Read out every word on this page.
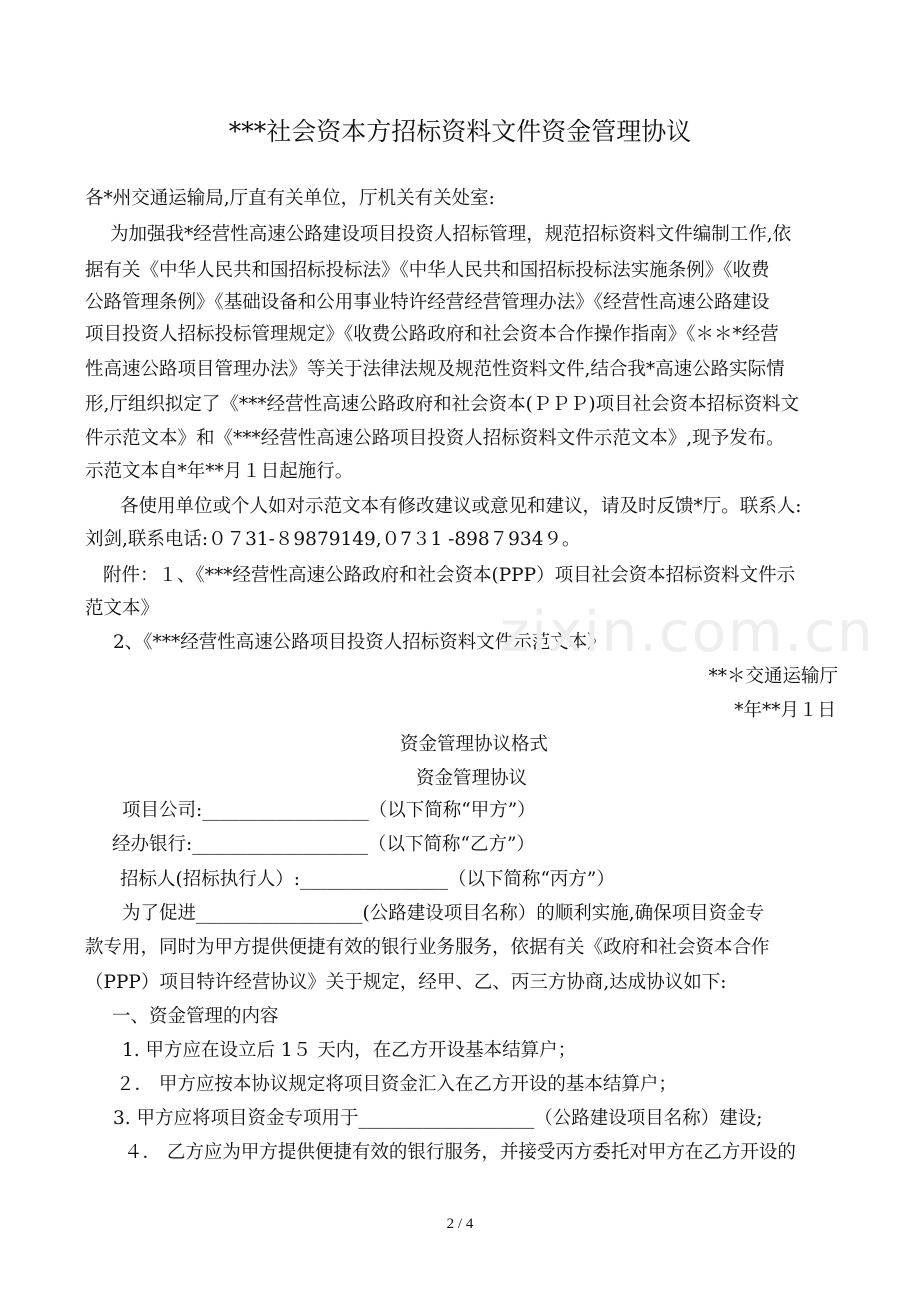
***社会资本方招标资料文件资金管理协议
各*州交通运输局,厅直有关单位，厅机关有关处室:
为加强我*经营性高速公路建设项目投资人招标管理，规范招标资料文件编制工作,依
据有关《中华人民共和国招标投标法》《中华人民共和国招标投标法实施条例》《收费
公路管理条例》《基础设备和公用事业特许经营经营管理办法》《经营性高速公路建设
项目投资人招标投标管理规定》《收费公路政府和社会资本合作操作指南》《＊＊*经营
性高速公路项目管理办法》等关于法律法规及规范性资料文件,结合我*高速公路实际情
形,厅组织拟定了《***经营性高速公路政府和社会资本(ＰＰＰ)项目社会资本招标资料文
件示范文本》和《***经营性高速公路项目投资人招标资料文件示范文本》,现予发布。
示范文本自*年**月１日起施行。
各使用单位或个人如对示范文本有修改建议或意见和建议，请及时反馈*厅。联系人:
刘剑,联系电话:０７31-８9879149,０7３1 -898７934９。
附件：１、《***经营性高速公路政府和社会资本(PPP）项目社会资本招标资料文件示
范文本》
2、《***经营性高速公路项目投资人招标资料文件示范文本》
**＊交通运输厅
*年**月１日
资金管理协议格式
资金管理协议
项目公司:__________________（以下简称“甲方”）
经办银行:___________________（以下简称“乙方”）
招标人(招标执行人）:________________（以下简称“丙方”）
为了促进__________________(公路建设项目名称）的顺利实施,确保项目资金专
款专用，同时为甲方提供便捷有效的银行业务服务，依据有关《政府和社会资本合作
（PPP）项目特许经营协议》关于规定，经甲、乙、丙三方协商,达成协议如下:
一、资金管理的内容
1. 甲方应在设立后 1５ 天内，在乙方开设基本结算户；
２． 甲方应按本协议规定将项目资金汇入在乙方开设的基本结算户；
3. 甲方应将项目资金专项用于___________________（公路建设项目名称）建设;
４． 乙方应为甲方提供便捷有效的银行服务，并接受丙方委托对甲方在乙方开设的
zixin.com.cn
2 / 4
